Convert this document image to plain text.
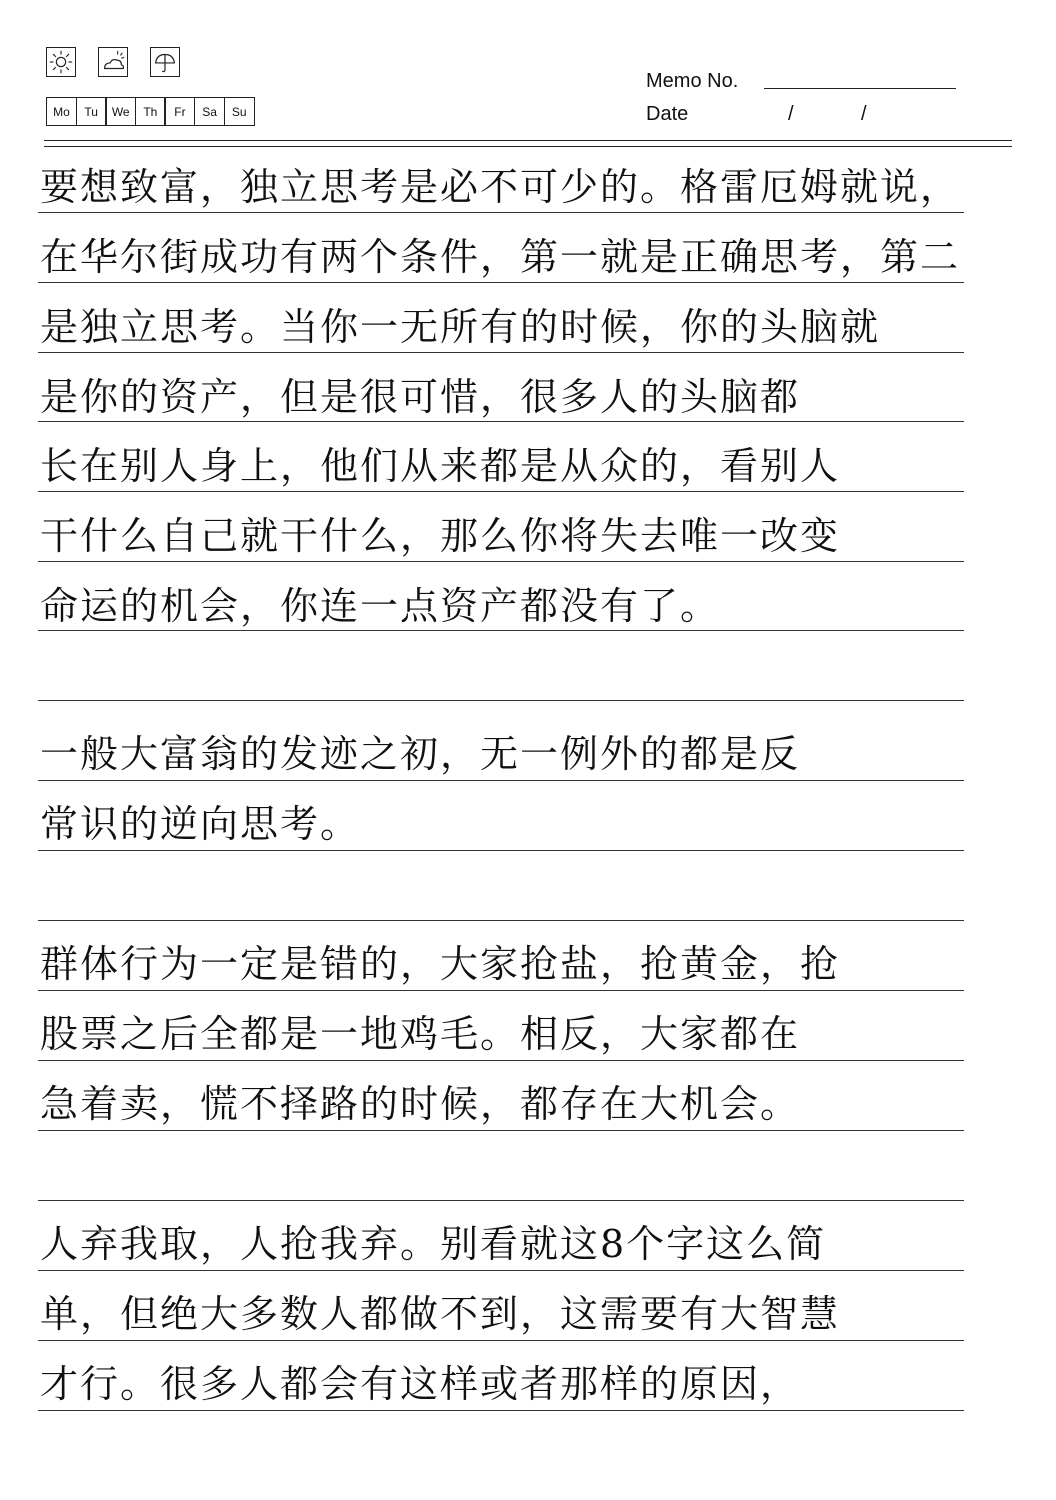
Mo	Tu	We	Th	Fr	Sa	Su
Memo No.
Date	/	/

要想致富，独立思考是必不可少的。格雷厄姆就说，

在华尔街成功有两个条件，第一就是正确思考，第二

是独立思考。当你一无所有的时候，你的头脑就

是你的资产，但是很可惜，很多人的头脑都

长在别人身上，他们从来都是从众的，看别人

干什么自己就干什么，那么你将失去唯一改变

命运的机会，你连一点资产都没有了。

一般大富翁的发迹之初，无一例外的都是反

常识的逆向思考。

群体行为一定是错的，大家抢盐，抢黄金，抢

股票之后全都是一地鸡毛。相反，大家都在

急着卖，慌不择路的时候，都存在大机会。

人弃我取，人抢我弃。别看就这8个字这么简

单，但绝大多数人都做不到，这需要有大智慧

才行。很多人都会有这样或者那样的原因，
